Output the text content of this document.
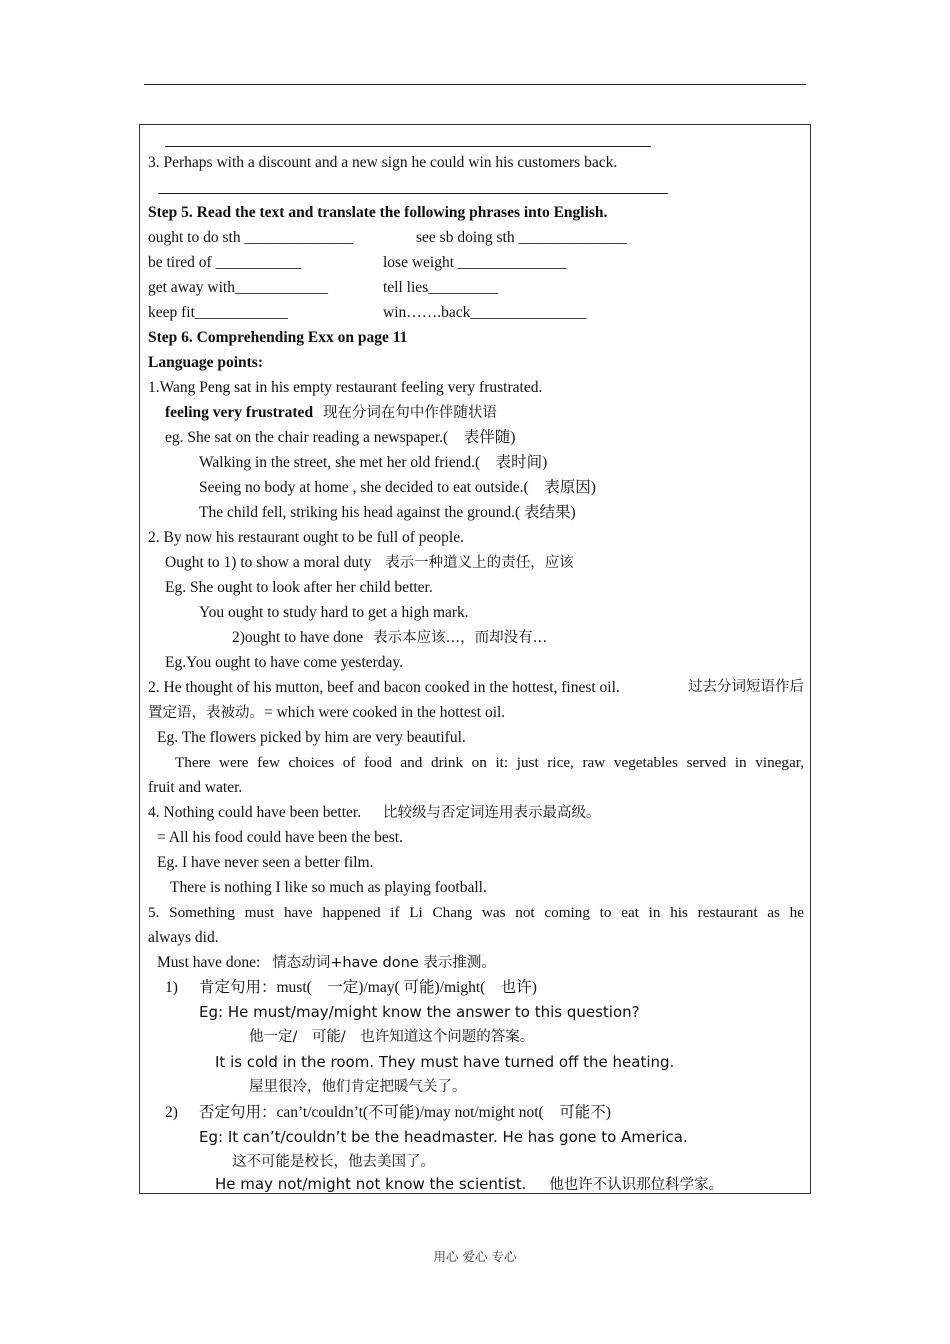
3. Perhaps with a discount and a new sign he could win his customers back.
Step 5. Read the text and translate the following phrases into English.
ought to do sth ______________	see sb doing sth ______________
be tired of ___________	lose weight ______________
get away with____________	tell lies_________
keep fit____________	win…….back_______________
Step 6. Comprehending Exx on page 11
Language points:
1.Wang Peng sat in his empty restaurant feeling very frustrated.
feeling very frustrated 现在分词在句中作伴随状语
eg. She sat on the chair reading a newspaper.(　表伴随)
Walking in the street, she met her old friend.(　表时间)
Seeing no body at home , she decided to eat outside.(　表原因)
The child fell, striking his head against the ground.( 表结果)
2. By now his restaurant ought to be full of people.
Ought to 1) to show a moral duty 表示一种道义上的责任，应该
Eg. She ought to look after her child better.
You ought to study hard to get a high mark.
2)ought to have done 表示本应该…，而却没有…
Eg.You ought to have come yesterday.
2. He thought of his mutton, beef and bacon cooked in the hottest, finest oil.	过去分词短语作后
置定语，表被动。= which were cooked in the hottest oil.
Eg. The flowers picked by him are very beautiful.
There were few choices of food and drink on it: just rice, raw vegetables served in vinegar,
fruit and water.
4. Nothing could have been better. 比较级与否定词连用表示最高级。
= All his food could have been the best.
Eg. I have never seen a better film.
There is nothing I like so much as playing football.
5. Something must have happened if Li Chang was not coming to eat in his restaurant as he
always did.
Must have done: 情态动词+have done 表示推测。
1) 肯定句用：must(　一定)/may( 可能)/might(　也许)
Eg: He must/may/might know the answer to this question?
他一定/　可能/　也许知道这个问题的答案。
It is cold in the room. They must have turned off the heating.
屋里很冷，他们肯定把暖气关了。
2) 否定句用：can’t/couldn’t(不可能)/may not/might not(　可能不)
Eg: It can’t/couldn’t be the headmaster. He has gone to America.
这不可能是校长，他去美国了。
He may not/might not know the scientist. 他也许不认识那位科学家。
用心 爱心 专心
